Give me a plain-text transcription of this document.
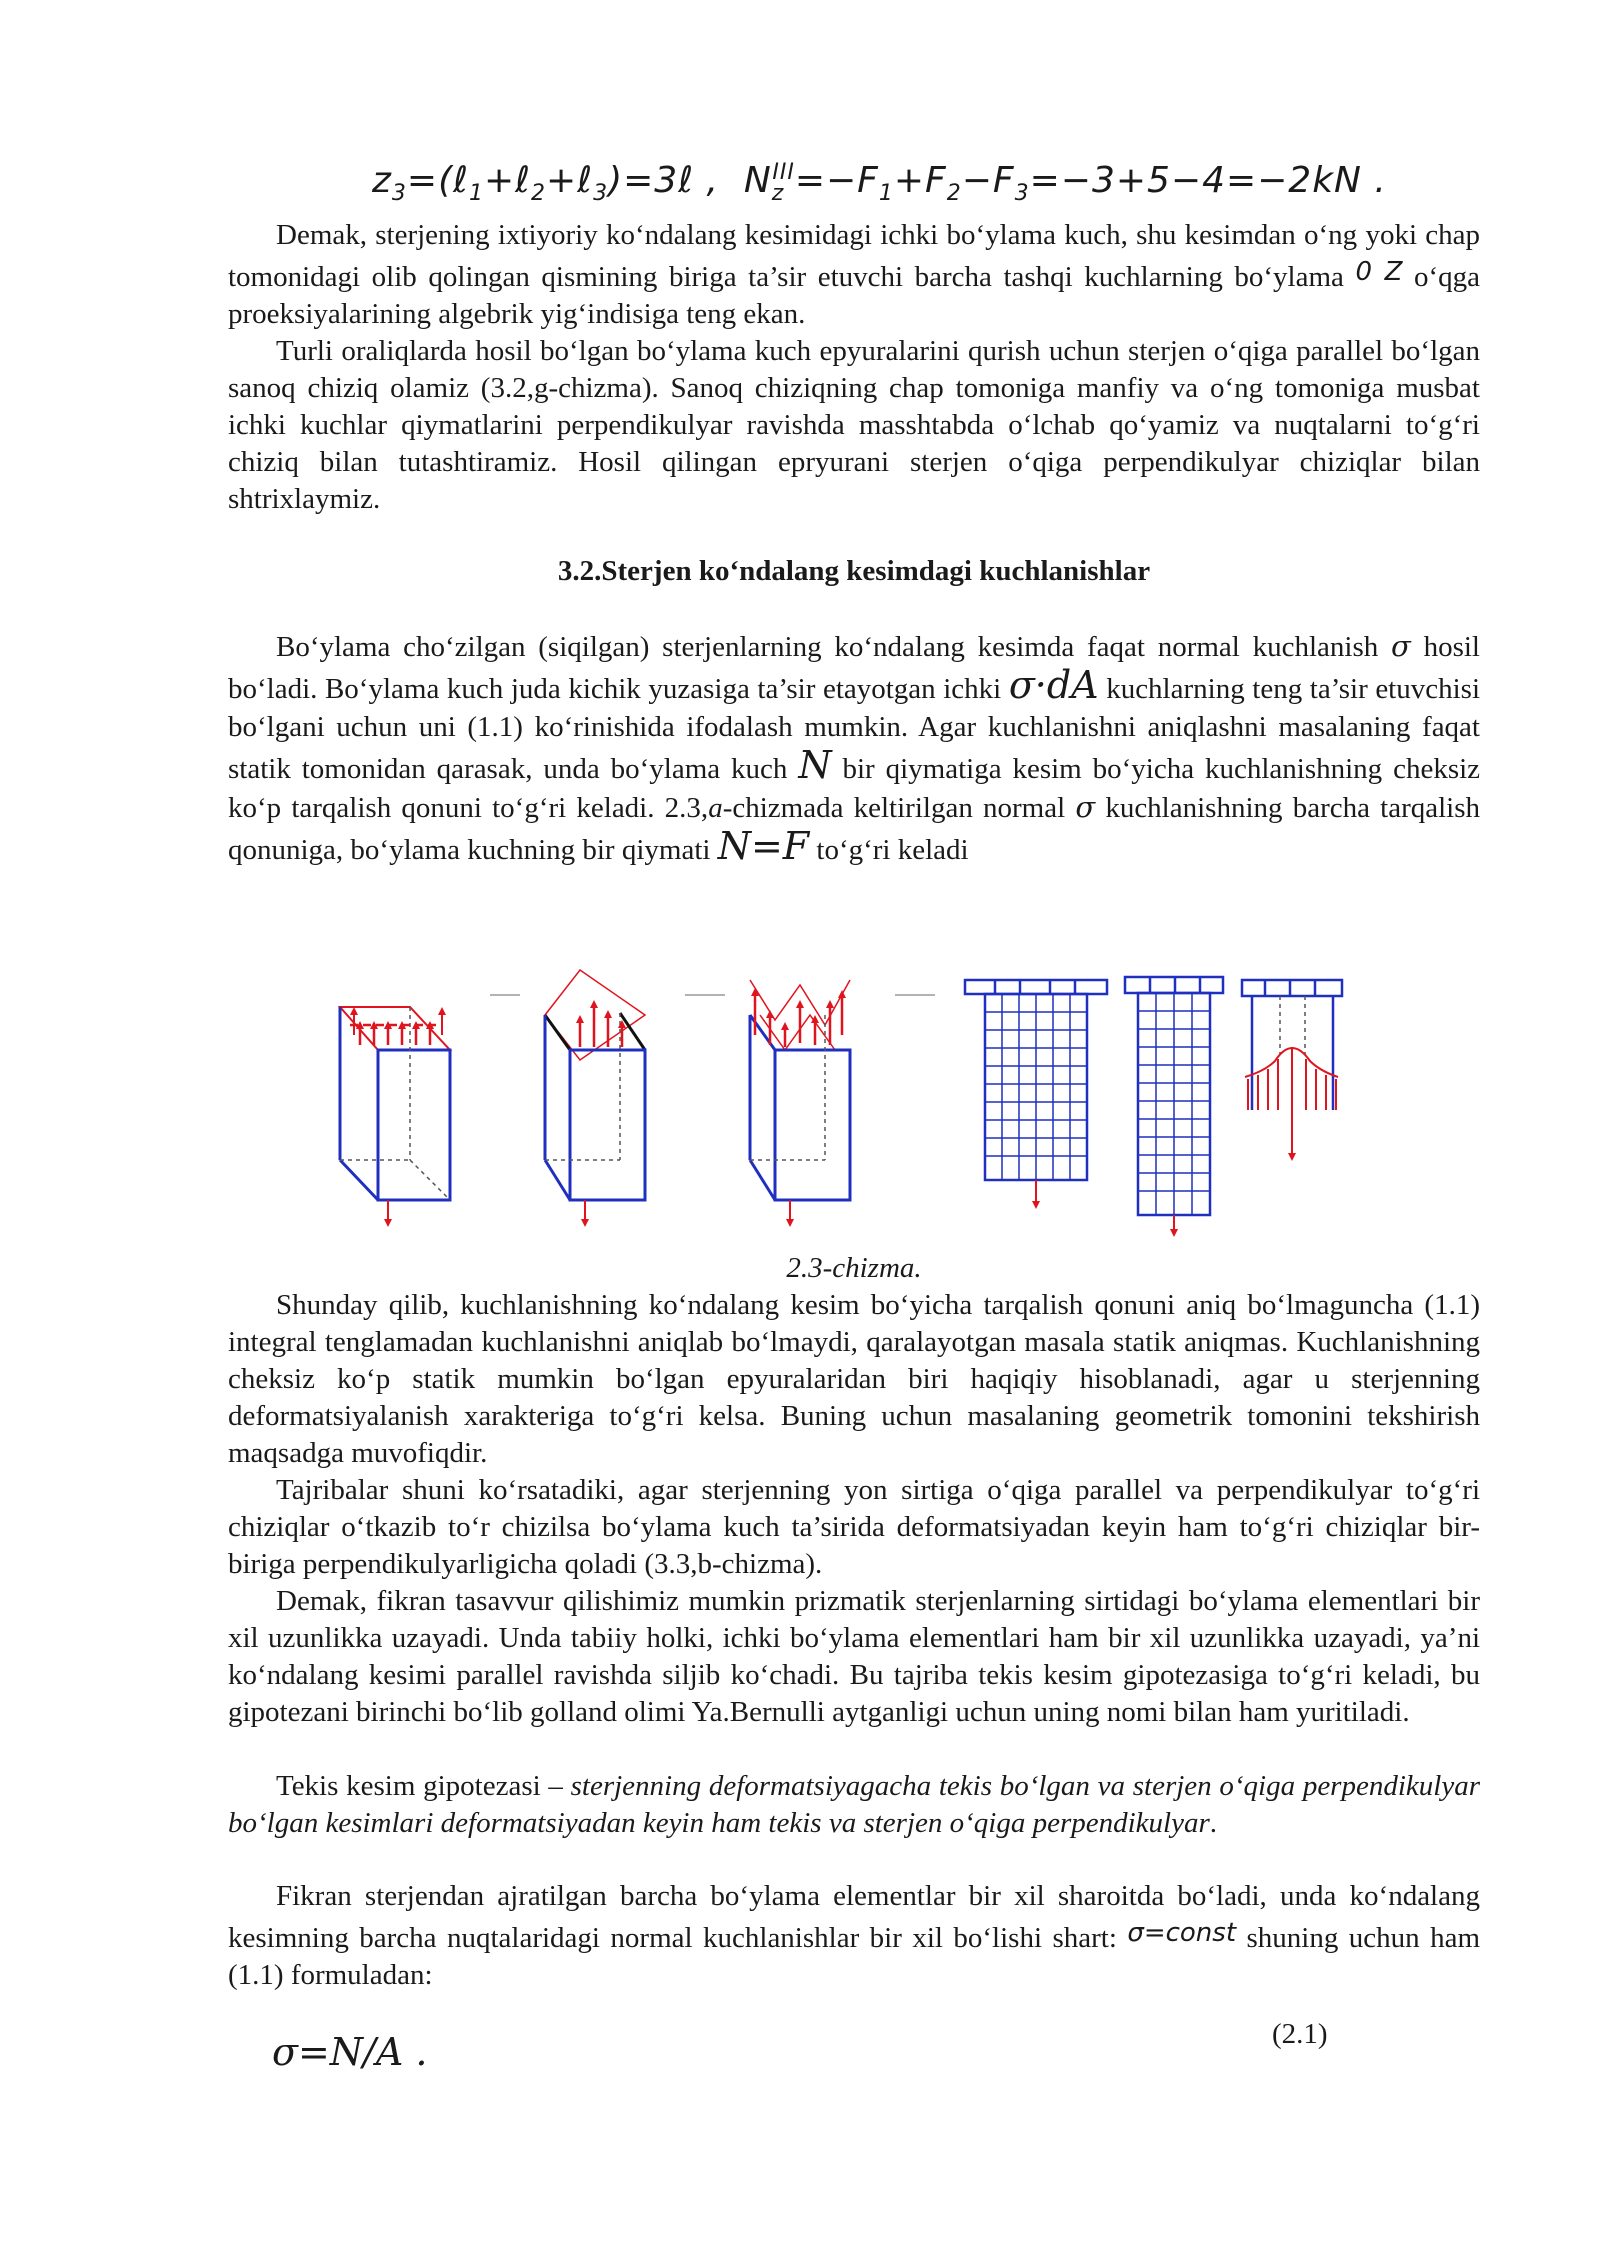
$z_3=(\ell_1+\ell_2+\ell_3)=3\ell$ ,  $N_z^{III}=-F_1+F_2-F_3=-3+5-4=-2kN$ .

Demak, sterjening ixtiyoriy ko‘ndalang kesimidagi ichki bo‘ylama kuch, shu kesimdan o‘ng yoki chap tomonidagi olib qolingan qismining biriga ta’sir etuvchi barcha tashqi kuchlarning bo‘ylama 0 Z o‘qga proeksiyalarining algebrik yig‘indisiga teng ekan.

Turli oraliqlarda hosil bo‘lgan bo‘ylama kuch epyuralarini qurish uchun sterjen o‘qiga parallel bo‘lgan sanoq chiziq olamiz (3.2,g-chizma). Sanoq chiziqning chap tomoniga manfiy va o‘ng tomoniga musbat ichki kuchlar qiymatlarini perpendikulyar ravishda masshtabda o‘lchab qo‘yamiz va nuqtalarni to‘g‘ri chiziq bilan tutashtiramiz. Hosil qilingan epryurani sterjen o‘qiga perpendikulyar chiziqlar bilan shtrixlaymiz.

3.2.Sterjen ko‘ndalang kesimdagi kuchlanishlar

Bo‘ylama cho‘zilgan (siqilgan) sterjenlarning ko‘ndalang kesimda faqat normal kuchlanish σ hosil bo‘ladi. Bo‘ylama kuch juda kichik yuzasiga ta’sir etayotgan ichki σ·dA kuchlarning teng ta’sir etuvchisi bo‘lgani uchun uni (1.1) ko‘rinishida ifodalash mumkin. Agar kuchlanishni aniqlashni masalaning faqat statik tomonidan qarasak, unda bo‘ylama kuch N bir qiymatiga kesim bo‘yicha kuchlanishning cheksiz ko‘p tarqalish qonuni to‘g‘ri keladi. 2.3,a-chizmada keltirilgan normal σ kuchlanishning barcha tarqalish qonuniga, bo‘ylama kuchning bir qiymati N=F to‘g‘ri keladi

2.3-chizma.

Shunday qilib, kuchlanishning ko‘ndalang kesim bo‘yicha tarqalish qonuni aniq bo‘lmaguncha (1.1) integral tenglamadan kuchlanishni aniqlab bo‘lmaydi, qaralayotgan masala statik aniqmas. Kuchlanishning cheksiz ko‘p statik mumkin bo‘lgan epyuralaridan biri haqiqiy hisoblanadi, agar u sterjenning deformatsiyalanish xarakteriga to‘g‘ri kelsa. Buning uchun masalaning geometrik tomonini tekshirish maqsadga muvofiqdir.

Tajribalar shuni ko‘rsatadiki, agar sterjenning yon sirtiga o‘qiga parallel va perpendikulyar to‘g‘ri chiziqlar o‘tkazib to‘r chizilsa bo‘ylama kuch ta’sirida deformatsiyadan keyin ham to‘g‘ri chiziqlar bir-biriga perpendikulyarligicha qoladi (3.3,b-chizma).

Demak, fikran tasavvur qilishimiz mumkin prizmatik sterjenlarning sirtidagi bo‘ylama elementlari bir xil uzunlikka uzayadi. Unda tabiiy holki, ichki bo‘ylama elementlari ham bir xil uzunlikka uzayadi, ya’ni ko‘ndalang kesimi parallel ravishda siljib ko‘chadi. Bu tajriba tekis kesim gipotezasiga to‘g‘ri keladi, bu gipotezani birinchi bo‘lib golland olimi Ya.Bernulli aytganligi uchun uning nomi bilan ham yuritiladi.

Tekis kesim gipotezasi – sterjenning deformatsiyagacha tekis bo‘lgan va sterjen o‘qiga perpendikulyar bo‘lgan kesimlari deformatsiyadan keyin ham tekis va sterjen o‘qiga perpendikulyar.

Fikran sterjendan ajratilgan barcha bo‘ylama elementlar bir xil sharoitda bo‘ladi, unda ko‘ndalang kesimning barcha nuqtalaridagi normal kuchlanishlar bir xil bo‘lishi shart: σ=const shuning uchun ham (1.1) formuladan:

σ=N/A .	(2.1)
